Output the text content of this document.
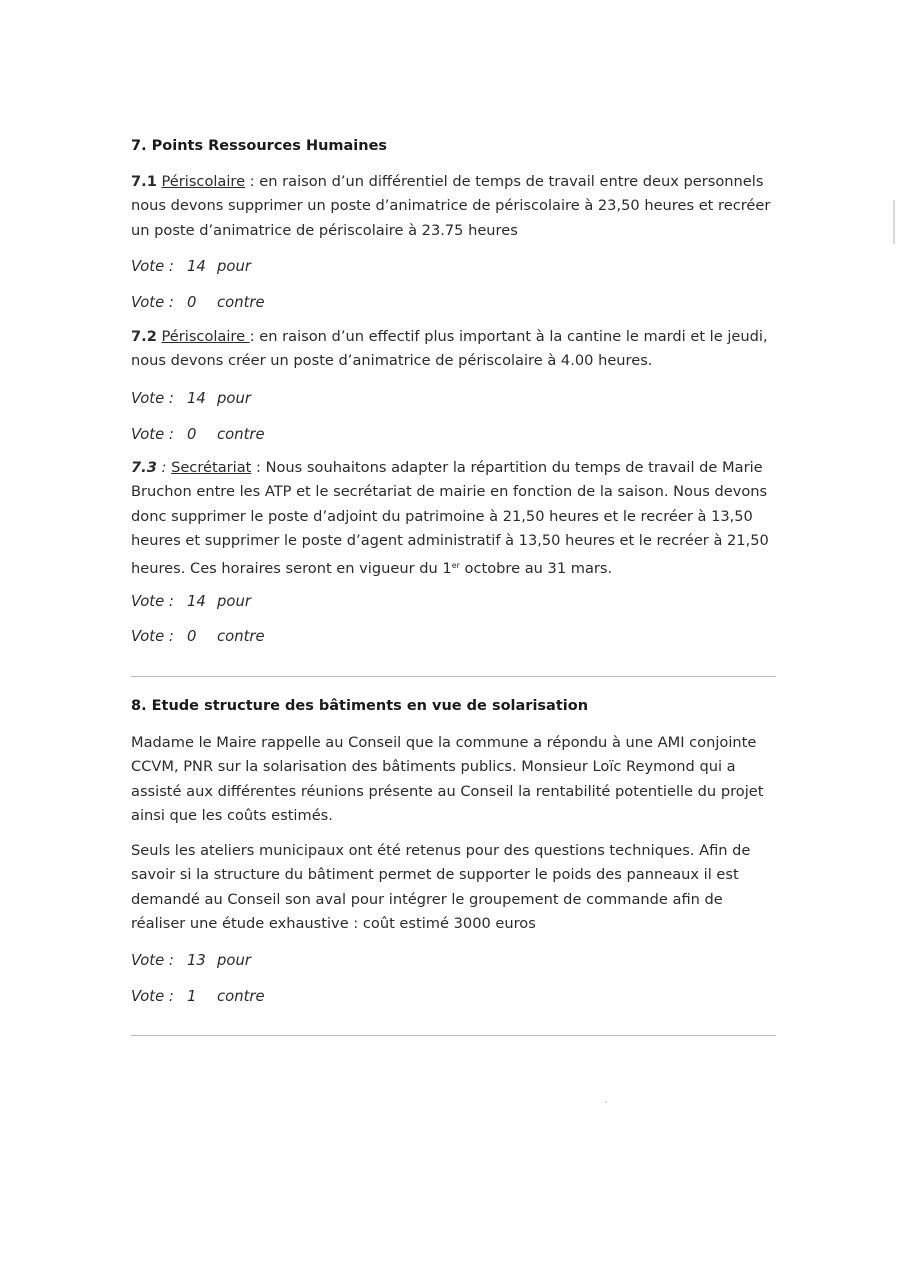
7. Points Ressources Humaines
7.1 Périscolaire : en raison d’un différentiel de temps de travail entre deux personnels
nous devons supprimer un poste d’animatrice de périscolaire à 23,50 heures et recréer
un poste d’animatrice de périscolaire à 23.75 heures
Vote : 14 pour
Vote : 0 contre
7.2 Périscolaire : en raison d’un effectif plus important à la cantine le mardi et le jeudi,
nous devons créer un poste d’animatrice de périscolaire à 4.00 heures.
Vote : 14 pour
Vote : 0 contre
7.3 : Secrétariat : Nous souhaitons adapter la répartition du temps de travail de Marie
Bruchon entre les ATP et le secrétariat de mairie en fonction de la saison. Nous devons
donc supprimer le poste d’adjoint du patrimoine à 21,50 heures et le recréer à 13,50
heures et supprimer le poste d’agent administratif à 13,50 heures et le recréer à 21,50
heures. Ces horaires seront en vigueur du 1er octobre au 31 mars.
Vote : 14 pour
Vote : 0 contre
8. Etude structure des bâtiments en vue de solarisation
Madame le Maire rappelle au Conseil que la commune a répondu à une AMI conjointe
CCVM, PNR sur la solarisation des bâtiments publics. Monsieur Loïc Reymond qui a
assisté aux différentes réunions présente au Conseil la rentabilité potentielle du projet
ainsi que les coûts estimés.
Seuls les ateliers municipaux ont été retenus pour des questions techniques. Afin de
savoir si la structure du bâtiment permet de supporter le poids des panneaux il est
demandé au Conseil son aval pour intégrer le groupement de commande afin de
réaliser une étude exhaustive : coût estimé 3000 euros
Vote : 13 pour
Vote : 1 contre
